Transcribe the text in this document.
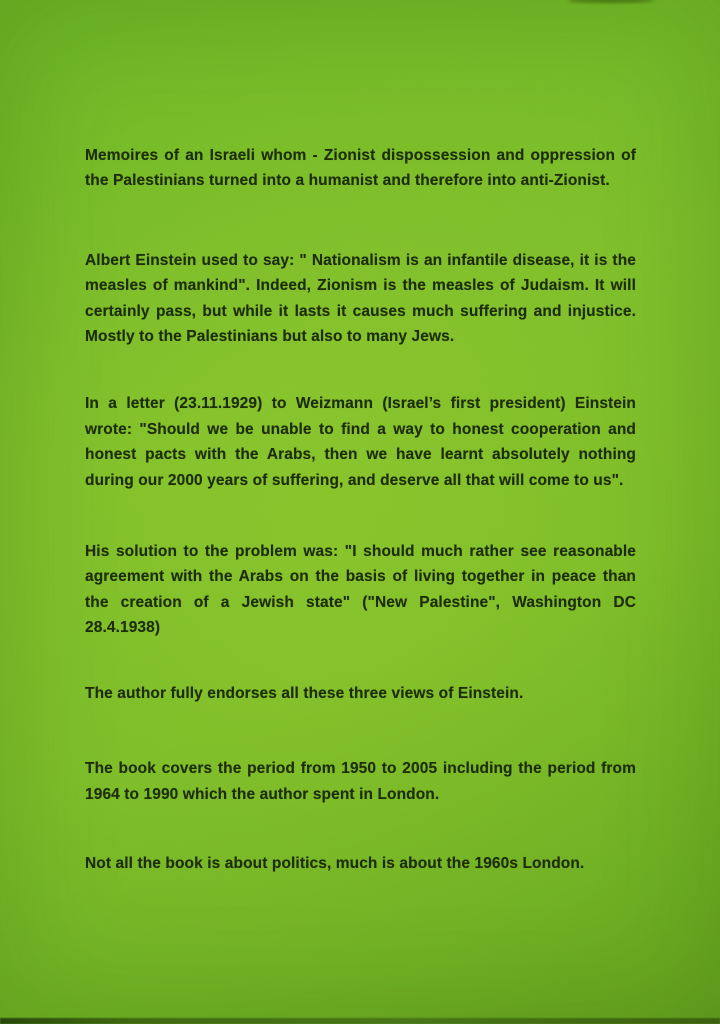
Memoires of an Israeli whom - Zionist dispossession and oppression of the Palestinians turned into a humanist and therefore into anti-Zionist.

Albert Einstein used to say: " Nationalism is an infantile disease, it is the measles of mankind". Indeed, Zionism is the measles of Judaism. It will certainly pass, but while it lasts it causes much suffering and injustice. Mostly to the Palestinians but also to many Jews.

In a letter (23.11.1929) to Weizmann (Israel’s first president) Einstein wrote: "Should we be unable to find a way to honest cooperation and honest pacts with the Arabs, then we have learnt absolutely nothing during our 2000 years of suffering, and deserve all that will come to us".

His solution to the problem was: "I should much rather see reasonable agreement with the Arabs on the basis of living together in peace than the creation of a Jewish state" ("New Palestine", Washington DC 28.4.1938)

The author fully endorses all these three views of Einstein.

The book covers the period from 1950 to 2005 including the period from 1964 to 1990 which the author spent in London.

Not all the book is about politics, much is about the 1960s London.
